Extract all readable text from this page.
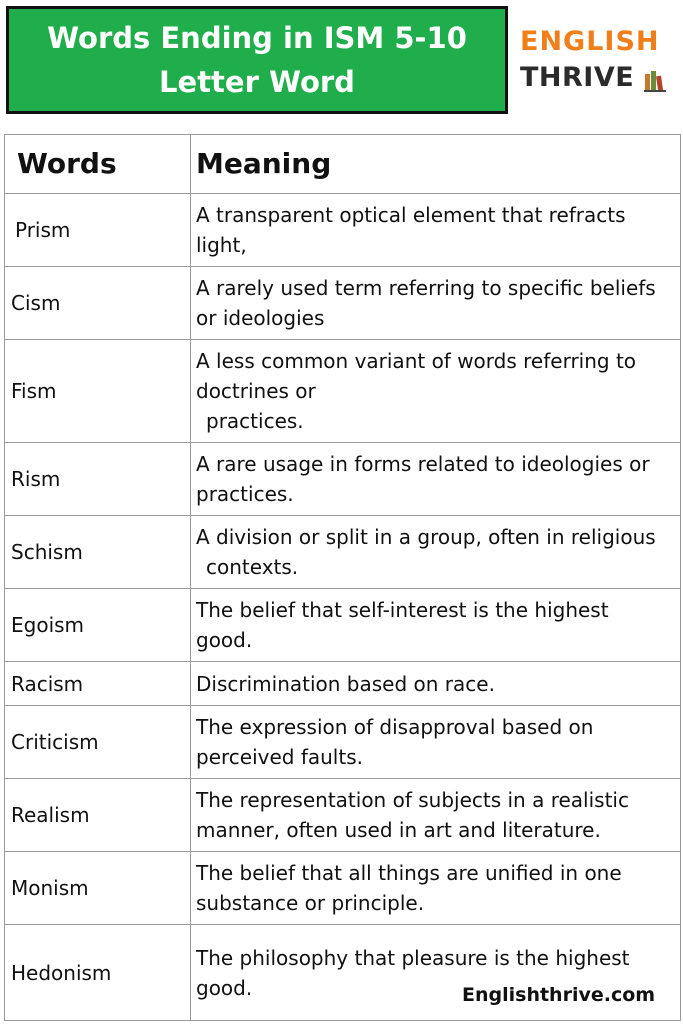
Words Ending in ISM 5-10
Letter Word
ENGLISH
THRIVE
Words	Meaning
Prism	A transparent optical element that refracts
light,

Cism	A rarely used term referring to specific beliefs
or ideologies

Fism	A less common variant of words referring to
doctrines or
practices.

Rism	A rare usage in forms related to ideologies or
practices.

Schism	A division or split in a group, often in religious
contexts.

Egoism	The belief that self-interest is the highest
good.

Racism	Discrimination based on race.

Criticism	The expression of disapproval based on
perceived faults.

Realism	The representation of subjects in a realistic
manner, often used in art and literature.

Monism	The belief that all things are unified in one
substance or principle.

Hedonism	The philosophy that pleasure is the highest
good.	Englishthrive.com
